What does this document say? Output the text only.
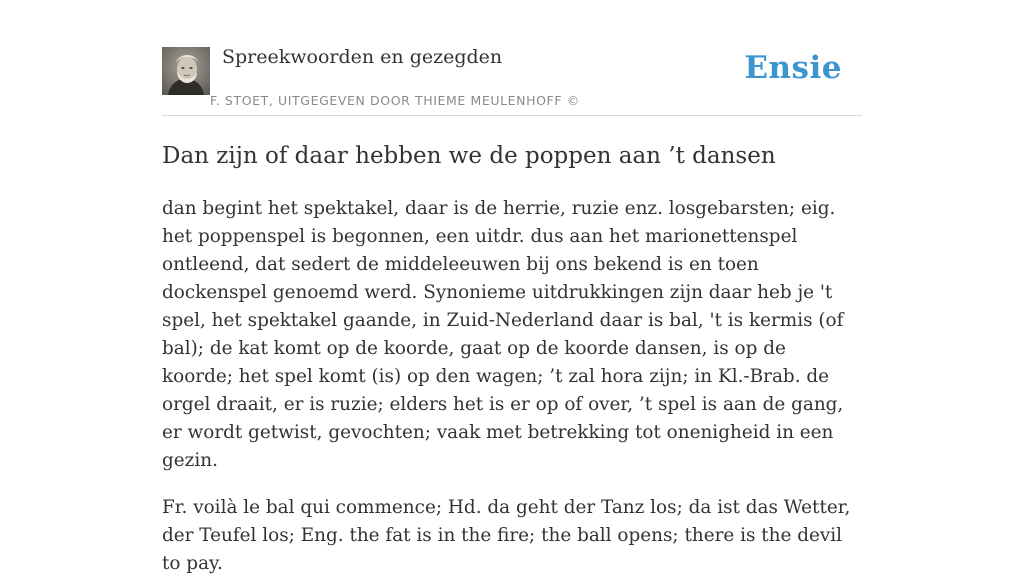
Spreekwoorden en gezegden
F. STOET, UITGEGEVEN DOOR THIEME MEULENHOFF ©
Ensie
Dan zijn of daar hebben we de poppen aan ’t dansen

dan begint het spektakel, daar is de herrie, ruzie enz. losgebarsten; eig. het poppenspel is begonnen, een uitdr. dus aan het marionettenspel ontleend, dat sedert de middeleeuwen bij ons bekend is en toen dockenspel genoemd werd. Synonieme uitdrukkingen zijn daar heb je 't spel, het spektakel gaande, in Zuid-Nederland daar is bal, 't is kermis (of bal); de kat komt op de koorde, gaat op de koorde dansen, is op de koorde; het spel komt (is) op den wagen; ’t zal hora zijn; in Kl.-Brab. de orgel draait, er is ruzie; elders het is er op of over, ’t spel is aan de gang, er wordt getwist, gevochten; vaak met betrekking tot onenigheid in een gezin.

Fr. voilà le bal qui commence; Hd. da geht der Tanz los; da ist das Wetter, der Teufel los; Eng. the fat is in the fire; the ball opens; there is the devil to pay.
